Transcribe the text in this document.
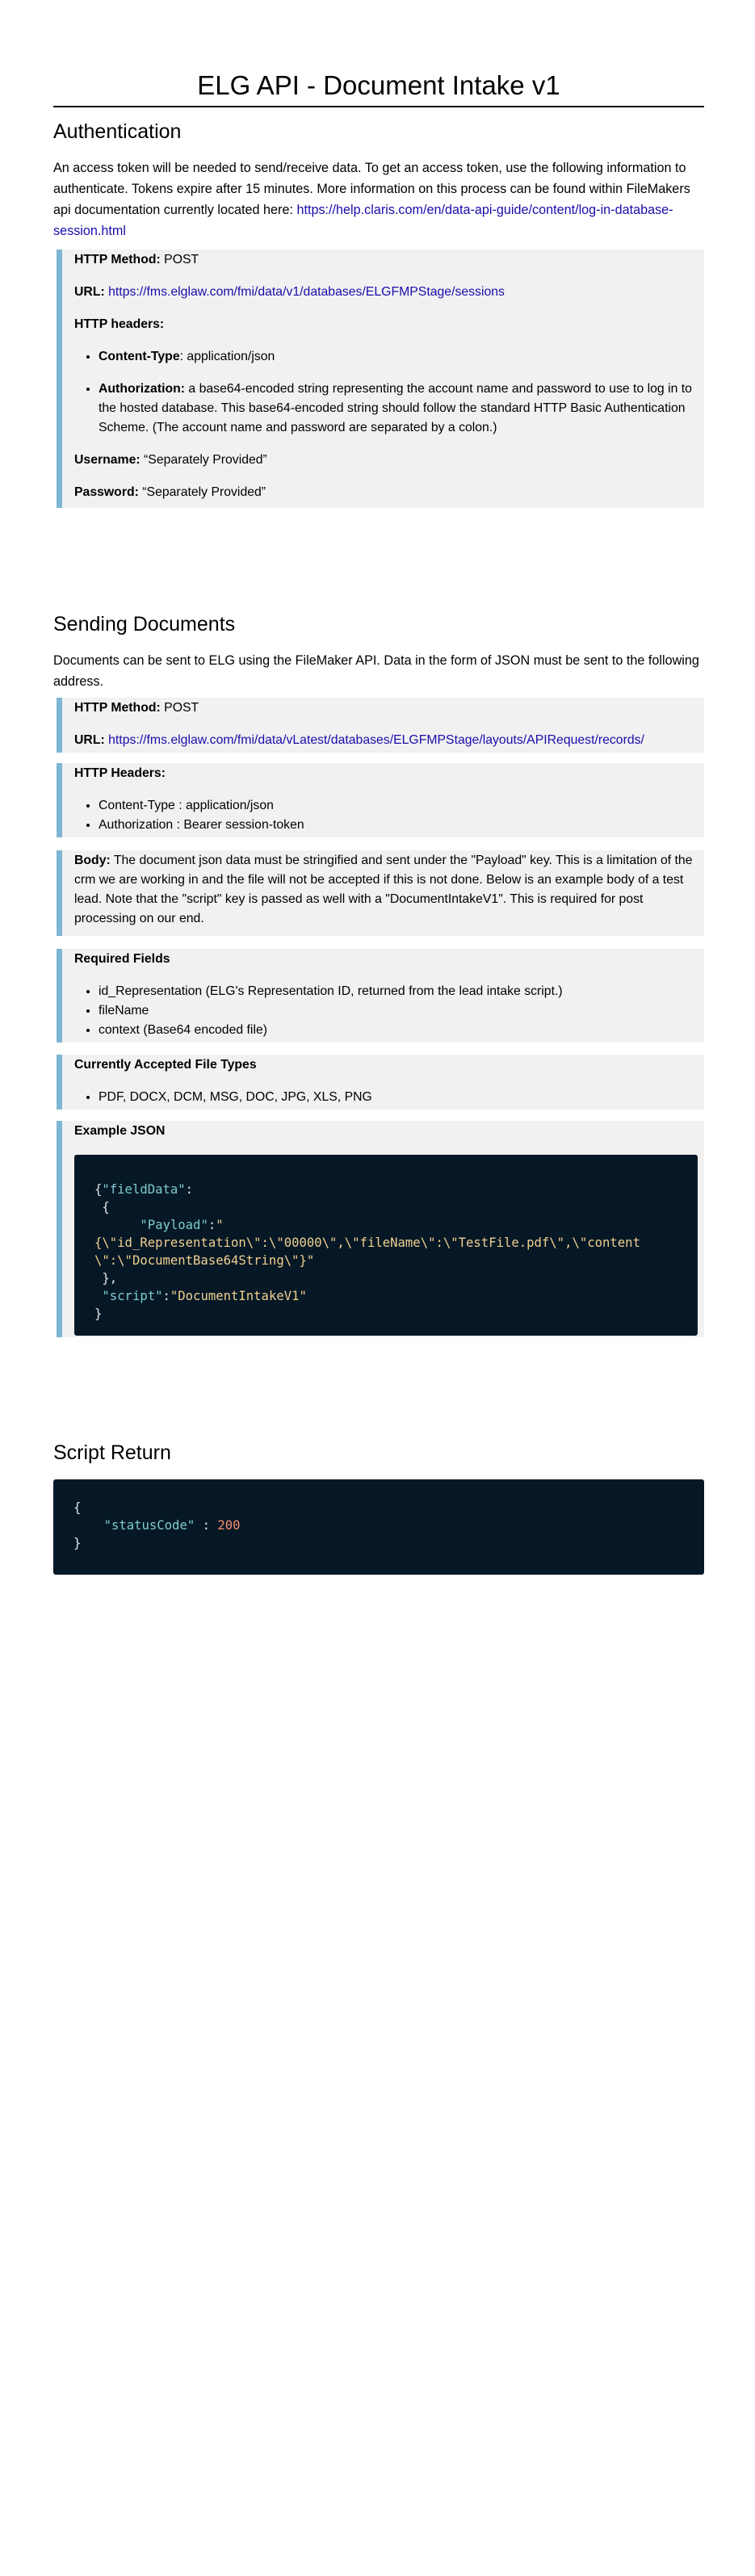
ELG API - Document Intake v1
Authentication

An access token will be needed to send/receive data. To get an access token, use the following information to authenticate. Tokens expire after 15 minutes. More information on this process can be found within FileMakers api documentation currently located here: https://help.claris.com/en/data-api-guide/content/log-in-database-session.html

HTTP Method: POST

URL: https://fms.elglaw.com/fmi/data/v1/databases/ELGFMPStage/sessions

HTTP headers:

• Content-Type: application/json
• Authorization: a base64-encoded string representing the account name and password to use to log in to the hosted database. This base64-encoded string should follow the standard HTTP Basic Authentication Scheme. (The account name and password are separated by a colon.)

Username: “Separately Provided”

Password: “Separately Provided”

Sending Documents

Documents can be sent to ELG using the FileMaker API. Data in the form of JSON must be sent to the following address.

HTTP Method: POST

URL: https://fms.elglaw.com/fmi/data/vLatest/databases/ELGFMPStage/layouts/APIRequest/records/

HTTP Headers:

• Content-Type : application/json
• Authorization : Bearer session-token

Body: The document json data must be stringified and sent under the "Payload" key. This is a limitation of the crm we are working in and the file will not be accepted if this is not done. Below is an example body of a test lead. Note that the "script" key is passed as well with a "DocumentIntakeV1". This is required for post processing on our end.

Required Fields

• id_Representation (ELG's Representation ID, returned from the lead intake script.)
• fileName
• context (Base64 encoded file)

Currently Accepted File Types

• PDF, DOCX, DCM, MSG, DOC, JPG, XLS, PNG

Example JSON

{"fieldData":
{
"Payload":"
{\"id_Representation\":\"00000\",\"fileName\":\"TestFile.pdf\",\"content
\":\"DocumentBase64String\"}"
},
"script":"DocumentIntakeV1"
}
Script Return
{
"statusCode" : 200
}
